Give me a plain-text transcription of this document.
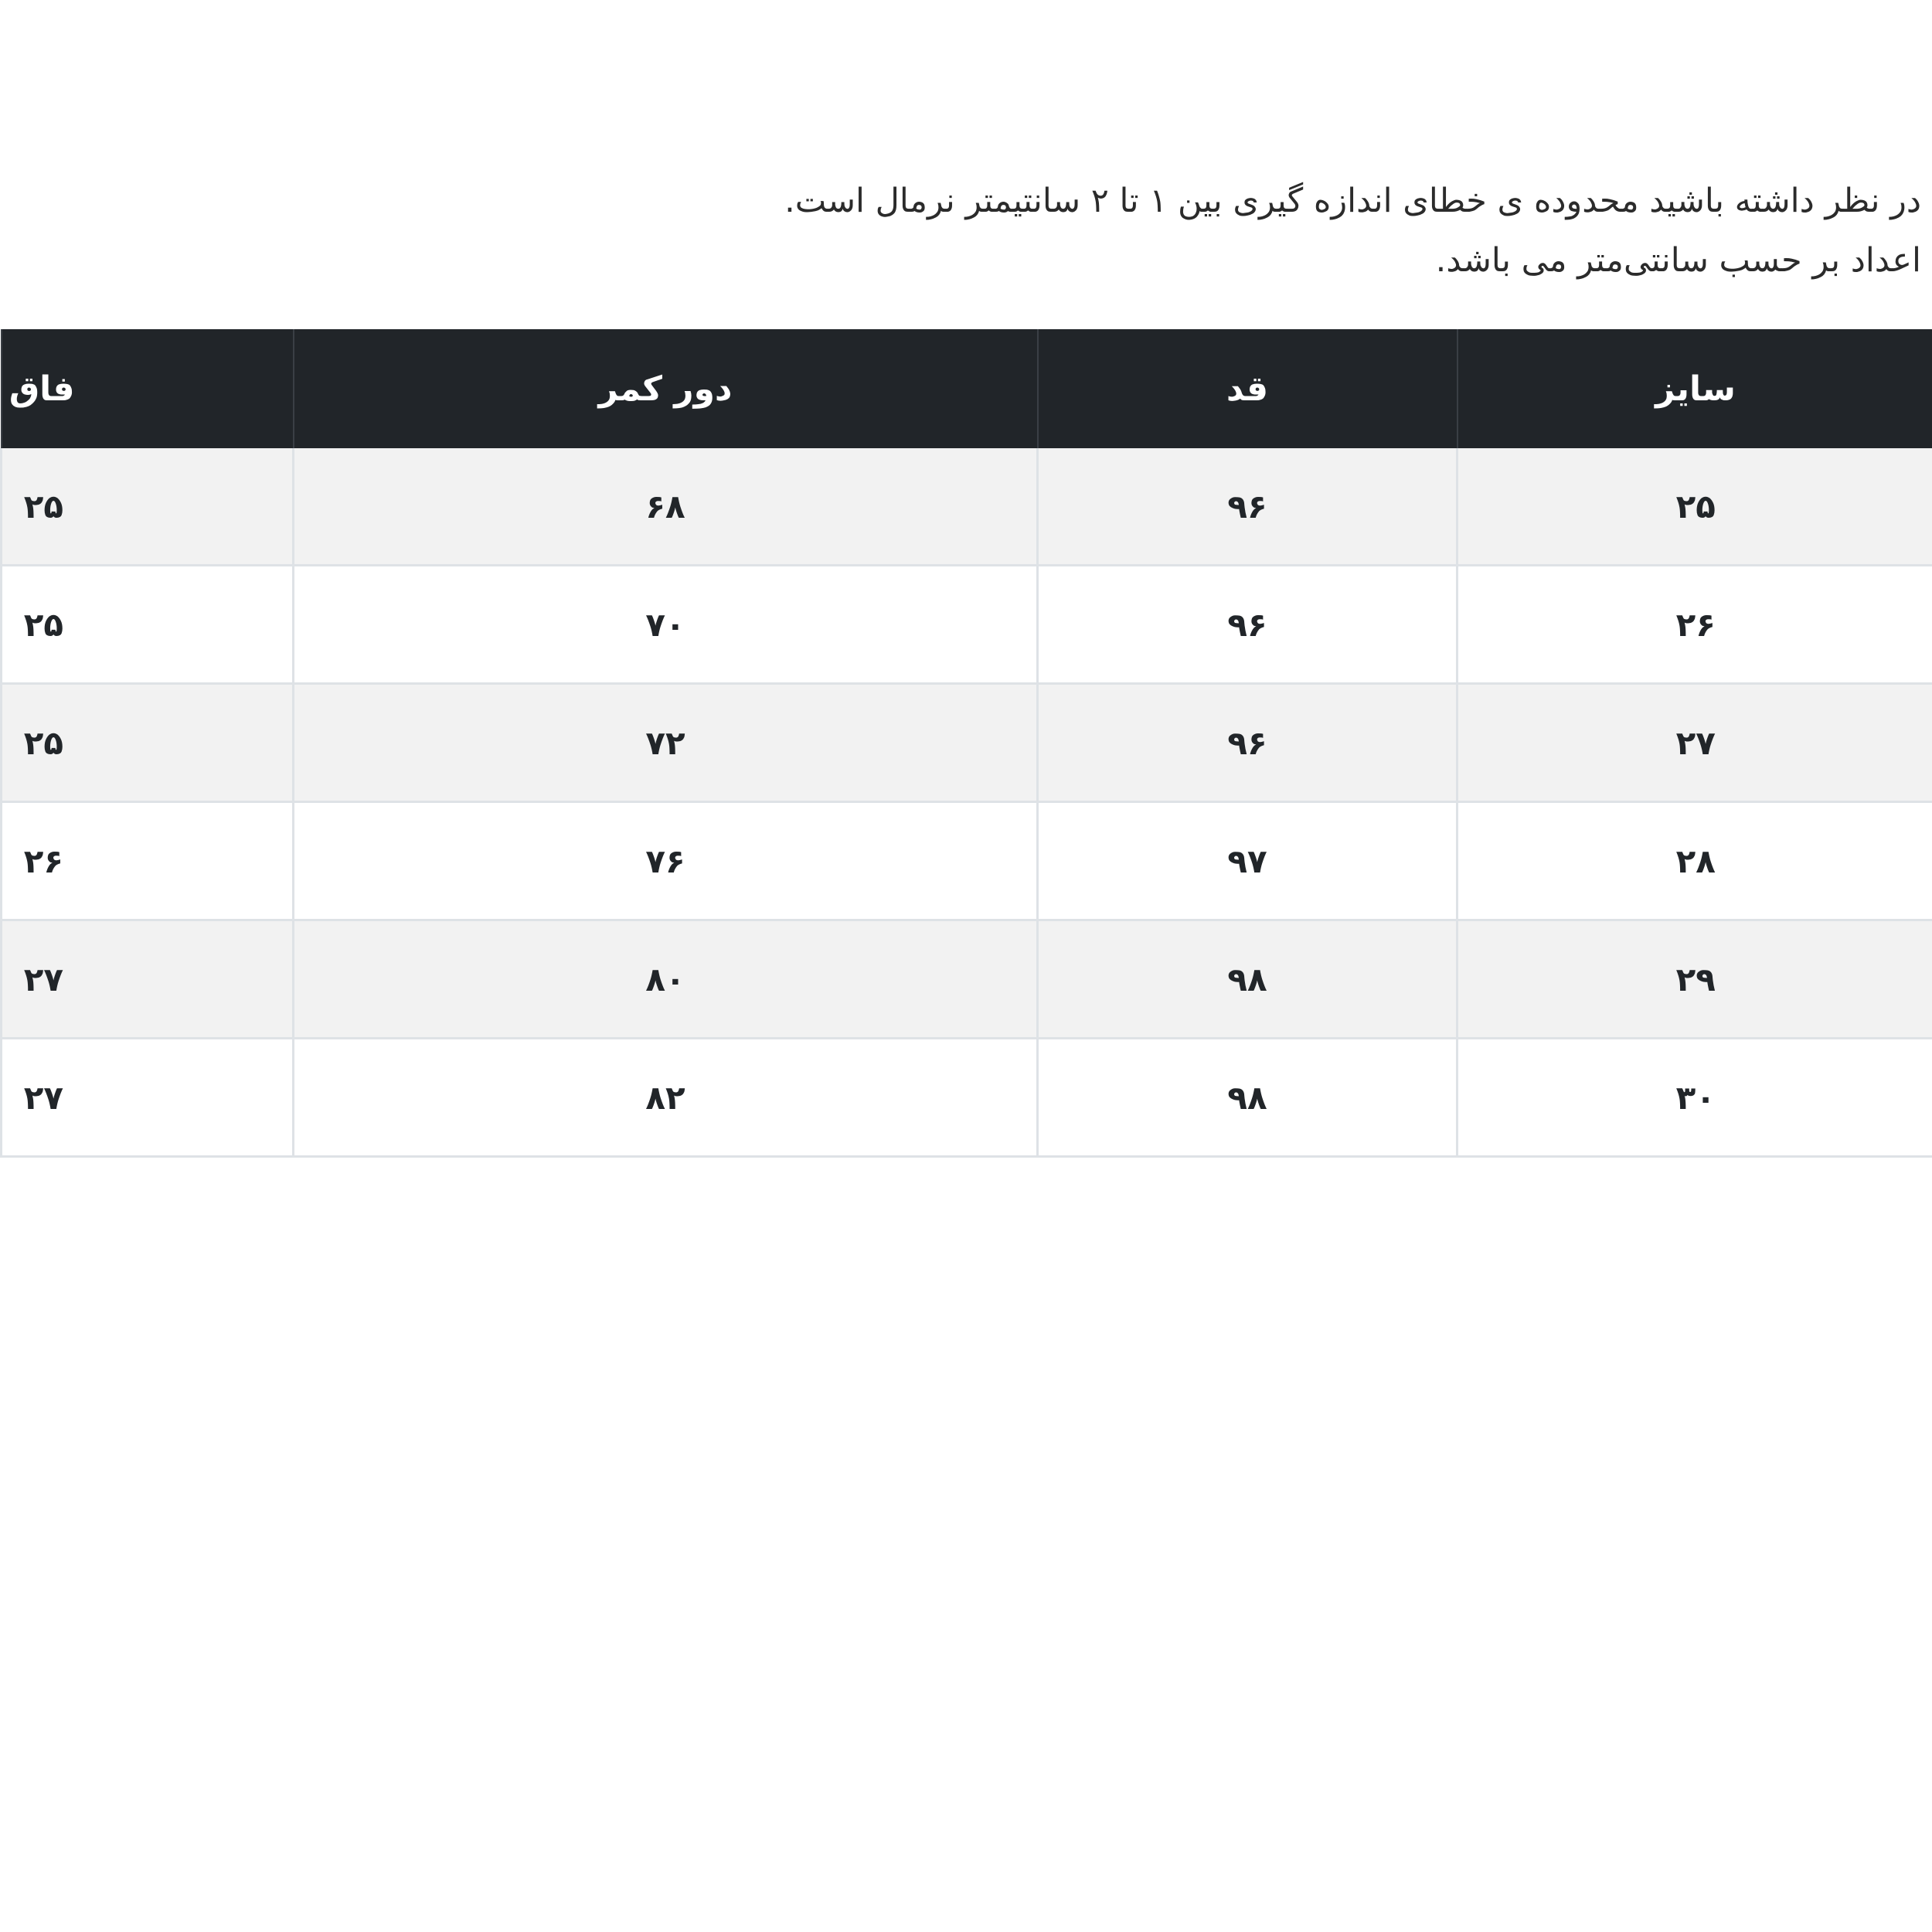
در نظر داشته باشید محدوده ی خطای اندازه گیری بین ۱ تا ۲ سانتیمتر نرمال است.

اعداد بر حسب سانتی‌متر می باشد.

سایز	قد	دور کمر	فاق
۲۵	۹۶	۶۸	۲۵
۲۶	۹۶	۷۰	۲۵
۲۷	۹۶	۷۲	۲۵
۲۸	۹۷	۷۶	۲۶
۲۹	۹۸	۸۰	۲۷
۳۰	۹۸	۸۲	۲۷
